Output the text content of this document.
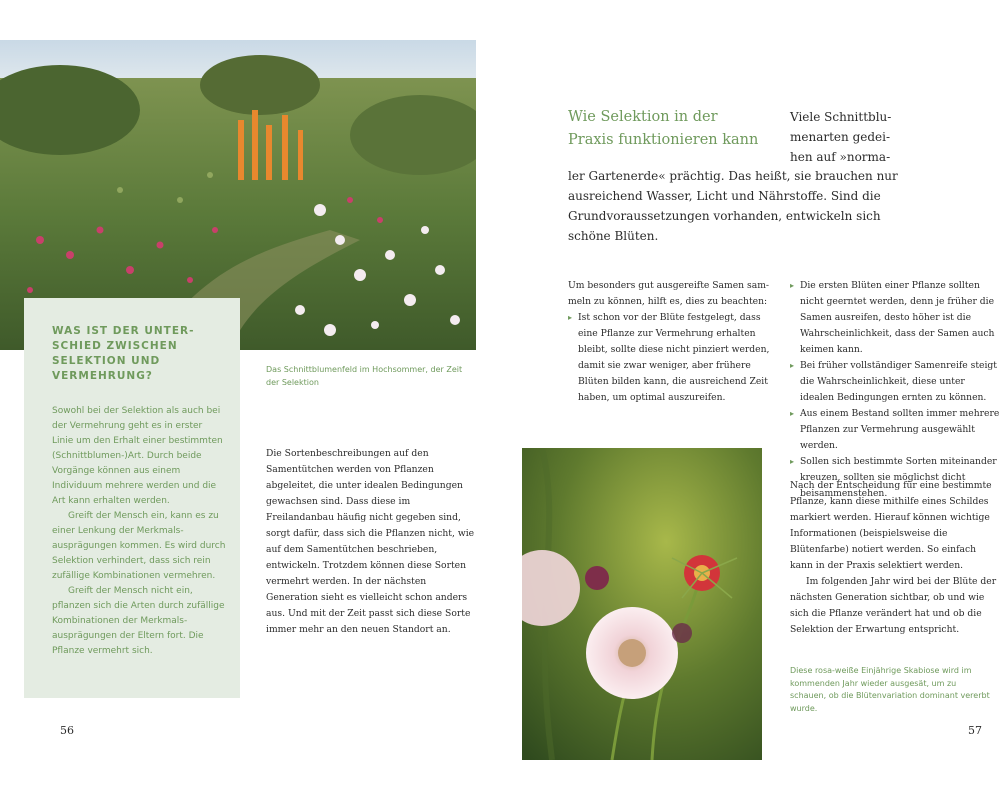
WAS IST DER UNTER-
SCHIED ZWISCHEN
SELEKTION UND
VERMEHRUNG?

Sowohl bei der Selektion als auch bei der Vermehrung geht es in erster Linie um den Erhalt einer bestimmten (Schnittblumen-)Art. Durch beide Vorgänge können aus einem Individuum mehrere werden und die Art kann erhalten werden.

Greift der Mensch ein, kann es zu einer Lenkung der Merkmalsausprägungen kommen. Es wird durch Selektion verhindert, dass sich rein zufällige Kombinationen vermehren.

Greift der Mensch nicht ein, pflanzen sich die Arten durch zufällige Kombinationen der Merkmalsausprägungen der Eltern fort. Die Pflanze vermehrt sich.

Das Schnittblumenfeld im Hochsommer, der Zeit der Selektion
Die Sortenbeschreibungen auf den Samentütchen werden von Pflanzen abgeleitet, die unter idealen Bedingungen gewachsen sind. Dass diese im Freilandanbau häufig nicht gegeben sind, sorgt dafür, dass sich die Pflanzen nicht, wie auf dem Samentütchen beschrieben, entwickeln. Trotzdem können diese Sorten vermehrt werden. In der nächsten Generation sieht es vielleicht schon anders aus. Und mit der Zeit passt sich diese Sorte immer mehr an den neuen Standort an.
56
Wie Selektion in der
Praxis funktionieren kann
Viele Schnittblu-
menarten gedei-
hen auf »norma-
ler Gartenerde« prächtig. Das heißt, sie brauchen nur ausreichend Wasser, Licht und Nährstoffe. Sind die Grundvoraussetzungen vorhanden, entwickeln sich schöne Blüten.

Um besonders gut ausgereifte Samen sammeln zu können, hilft es, dies zu beachten:

▸ Ist schon vor der Blüte festgelegt, dass eine Pflanze zur Vermehrung erhalten bleibt, sollte diese nicht pinziert werden, damit sie zwar weniger, aber frühere Blüten bilden kann, die ausreichend Zeit haben, um optimal auszureifen.
▸ Die ersten Blüten einer Pflanze sollten nicht geerntet werden, denn je früher die Samen ausreifen, desto höher ist die Wahrscheinlichkeit, dass der Samen auch keimen kann.
▸ Bei früher vollständiger Samenreife steigt die Wahrscheinlichkeit, diese unter idealen Bedingungen ernten zu können.
▸ Aus einem Bestand sollten immer mehrere Pflanzen zur Vermehrung ausgewählt werden.
▸ Sollen sich bestimmte Sorten miteinander kreuzen, sollten sie möglichst dicht beisammenstehen.

Nach der Entscheidung für eine bestimmte Pflanze, kann diese mithilfe eines Schildes markiert werden. Hierauf können wichtige Informationen (beispielsweise die Blütenfarbe) notiert werden. So einfach kann in der Praxis selektiert werden.

Im folgenden Jahr wird bei der Blüte der nächsten Generation sichtbar, ob und wie sich die Pflanze verändert hat und ob die Selektion der Erwartung entspricht.

Diese rosa-weiße Einjährige Skabiose wird im kommenden Jahr wieder ausgesät, um zu schauen, ob die Blütenvariation dominant vererbt wurde.
57
